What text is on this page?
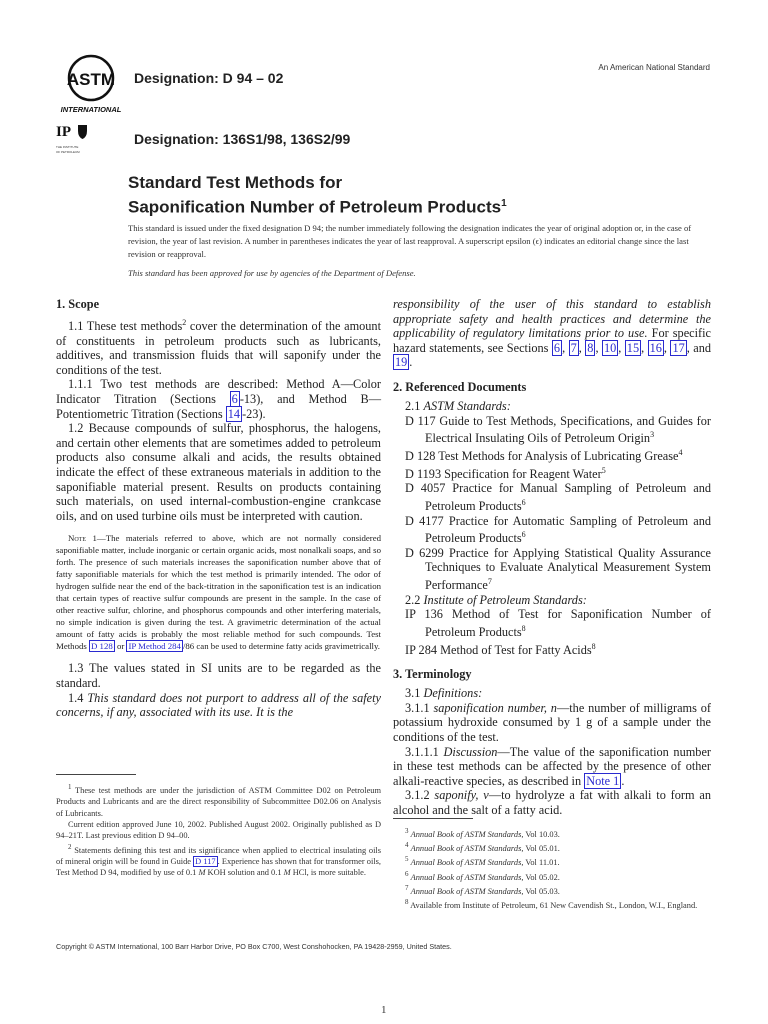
ASTM
INTERNATIONAL
IP
THE INSTITUTE
OF PETROLEUM
Designation: D 94 – 02
Designation: 136S1/98, 136S2/99
An American National Standard
Standard Test Methods for
Saponification Number of Petroleum Products$^1$
This standard is issued under the fixed designation D 94; the number immediately following the designation indicates the year of original adoption or, in the case of revision, the year of last revision. A number in parentheses indicates the year of last reapproval. A superscript epsilon (ϵ) indicates an editorial change since the last revision or reapproval.
This standard has been approved for use by agencies of the Department of Defense.
1. Scope

1.1 These test methods$^2$ cover the determination of the amount of constituents in petroleum products such as lubricants, additives, and transmission fluids that will saponify under the conditions of the test.

1.1.1 Two test methods are described: Method A—Color Indicator Titration (Sections 6 -13), and Method B—Potentiometric Titration (Sections 14 -23).

1.2 Because compounds of sulfur, phosphorus, the halogens, and certain other elements that are sometimes added to petroleum products also consume alkali and acids, the results obtained indicate the effect of these extraneous materials in addition to the saponifiable material present. Results on products containing such materials, on used internal-combustion-engine crankcase oils, and on used turbine oils must be interpreted with caution.

Note 1—The materials referred to above, which are not normally considered saponifiable matter, include inorganic or certain organic acids, most nonalkali soaps, and so forth. The presence of such materials increases the saponification number above that of fatty saponifiable materials for which the test method is primarily intended. The odor of hydrogen sulfide near the end of the back-titration in the saponification test is an indication that certain types of reactive sulfur compounds are present in the sample. In the case of other reactive sulfur, chlorine, and phosphorus compounds and other interfering materials, no simple indication is given during the test. A gravimetric determination of the actual amount of fatty acids is probably the most reliable method for such compounds. Test Methods D 128 or IP Method 284 /86 can be used to determine fatty acids gravimetrically.

1.3 The values stated in SI units are to be regarded as the standard.

1.4 This standard does not purport to address all of the safety concerns, if any, associated with its use. It is the

$^1$ These test methods are under the jurisdiction of ASTM Committee D02 on Petroleum Products and Lubricants and are the direct responsibility of Subcommittee D02.06 on Analysis of Lubricants.

Current edition approved June 10, 2002. Published August 2002. Originally published as D 94–21T. Last previous edition D 94–00.

$^2$ Statements defining this test and its significance when applied to electrical insulating oils of mineral origin will be found in Guide D 117 . Experience has shown that for transformer oils, Test Method D 94, modified by use of 0.1 M KOH solution and 0.1 M HCl, is more suitable.

responsibility of the user of this standard to establish appropriate safety and health practices and determine the applicability of regulatory limitations prior to use. For specific hazard statements, see Sections 6 , 7 , 8 , 10 , 15 , 16 , 17 , and 19 .

2. Referenced Documents

2.1 ASTM Standards:

D 117 Guide to Test Methods, Specifications, and Guides for Electrical Insulating Oils of Petroleum Origin$^3$

D 128 Test Methods for Analysis of Lubricating Grease$^4$

D 1193 Specification for Reagent Water$^5$

D 4057 Practice for Manual Sampling of Petroleum and Petroleum Products$^6$

D 4177 Practice for Automatic Sampling of Petroleum and Petroleum Products$^6$

D 6299 Practice for Applying Statistical Quality Assurance Techniques to Evaluate Analytical Measurement System Performance$^7$

2.2 Institute of Petroleum Standards:

IP 136 Method of Test for Saponification Number of Petroleum Products$^8$

IP 284 Method of Test for Fatty Acids$^8$

3. Terminology

3.1 Definitions:

3.1.1 saponification number, n—the number of milligrams of potassium hydroxide consumed by 1 g of a sample under the conditions of the test.

3.1.1.1 Discussion—The value of the saponification number in these test methods can be affected by the presence of other alkali-reactive species, as described in Note 1 .

3.1.2 saponify, v—to hydrolyze a fat with alkali to form an alcohol and the salt of a fatty acid.

$^3$ Annual Book of ASTM Standards, Vol 10.03.

$^4$ Annual Book of ASTM Standards, Vol 05.01.

$^5$ Annual Book of ASTM Standards, Vol 11.01.

$^6$ Annual Book of ASTM Standards, Vol 05.02.

$^7$ Annual Book of ASTM Standards, Vol 05.03.

$^8$ Available from Institute of Petroleum, 61 New Cavendish St., London, W.I., England.

Copyright © ASTM International, 100 Barr Harbor Drive, PO Box C700, West Conshohocken, PA 19428-2959, United States.
1
